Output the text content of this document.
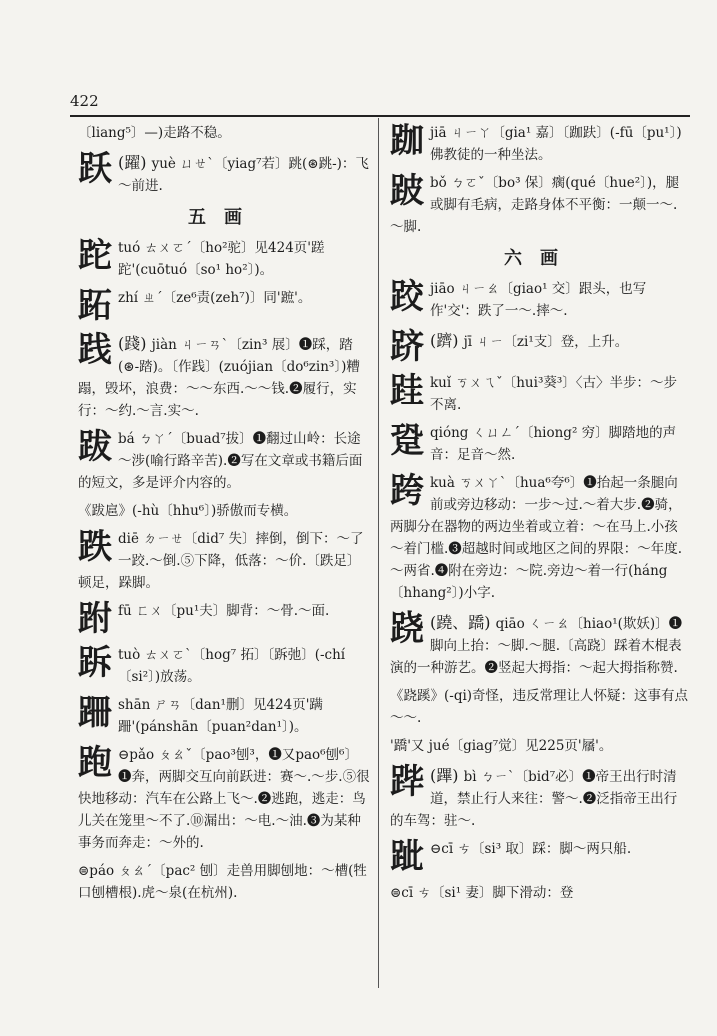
422

〔liang⁵〕—)走路不稳。

跃 (躍) yuè ㄩㄝˋ〔yiag⁷若〕跳(⊛跳-)：飞～前进.
五画
跎 tuó ㄊㄨㄛˊ〔ho²驼〕见424页'蹉跎'(cuōtuó〔so¹ ho²〕)。
跖 zhí ㄓˊ〔ze⁶责(zeh⁷)〕同'蹠'。
践 (踐) jiàn ㄐㄧㄢˋ〔zin³ 展〕❶踩，踏(⊛-踏)。〔作践〕(zuójian〔do⁶zin³〕)糟蹋，毁坏，浪费：～～东西.～～钱.❷履行，实行：～约.～言.实～.
跋 bá ㄅㄚˊ〔buad⁷拔〕❶翻过山岭：长途～涉(喻行路辛苦).❷写在文章或书籍后面的短文，多是评介内容的。

《跋扈》(-hù〔hhu⁶〕)骄傲而专横。

跌 diē ㄉㄧㄝ〔did⁷ 失〕摔倒，倒下：～了一跤.～倒.⑤下降，低落：～价.〔跌足〕顿足，跺脚。
跗 fū ㄈㄨ〔pu¹夫〕脚背：～骨.～面.
跅 tuò ㄊㄨㄛˋ〔hog⁷ 拓〕〔跅弛〕(-chí〔si²〕)放荡。
跚 shān ㄕㄢ〔dan¹删〕见424页'蹒跚'(pánshān〔puan²dan¹〕)。
跑 ⊖pǎo ㄆㄠˇ〔pao³刨³，❶又pao⁶刨⁶〕❶奔，两脚交互向前跃进：赛～.～步.⑤很快地移动：汽车在公路上飞～.❷逃跑，逃走：鸟儿关在笼里～不了.⑩漏出：～电.～油.❸为某种事务而奔走：～外的.

⊜páo ㄆㄠˊ〔pac² 刨〕走兽用脚刨地：～槽(牲口刨槽根).虎～泉(在杭州).

跏 jiā ㄐㄧㄚ〔gia¹ 嘉〕〔跏趺〕(-fū〔pu¹〕)佛教徒的一种坐法。
跛 bǒ ㄅㄛˇ〔bo³ 保〕瘸(qué〔hue²〕)，腿或脚有毛病，走路身体不平衡：一颠一～.～脚.
六画
跤 jiāo ㄐㄧㄠ〔giao¹ 交〕跟头，也写作'交'：跌了一～.摔～.
跻 (躋) jī ㄐㄧ〔zi¹支〕登，上升。
跬 kuǐ ㄎㄨㄟˇ〔hui³葵³〕〈古〉半步：～步不离.
跫 qióng ㄑㄩㄥˊ〔hiong² 穷〕脚踏地的声音：足音～然.
跨 kuà ㄎㄨㄚˋ〔hua⁶夸⁶〕❶抬起一条腿向前或旁边移动：一步～过.～着大步.❷骑，两脚分在器物的两边坐着或立着：～在马上.小孩～着门槛.❸超越时间或地区之间的界限：～年度.～两省.❹附在旁边：～院.旁边～着一行(háng〔hhang²〕)小字.
跷 (蹺、蹻) qiāo ㄑㄧㄠ〔hiao¹(欺妖)〕❶脚向上抬：～脚.～腿.〔高跷〕踩着木棍表演的一种游艺。❷竖起大拇指：～起大拇指称赞.

《跷蹊》(-qi)奇怪，违反常理让人怀疑：这事有点～～.

'蹻'又 jué〔giag⁷觉〕见225页'屩'。

跸 (蹕) bì ㄅㄧˋ〔bid⁷必〕❶帝王出行时清道，禁止行人来往：警～.❷泛指帝王出行的车驾：驻～.
跐 ⊖cī ㄘ〔si³ 取〕踩：脚～两只船.

⊜cī ㄘ〔si¹ 妻〕脚下滑动：登
